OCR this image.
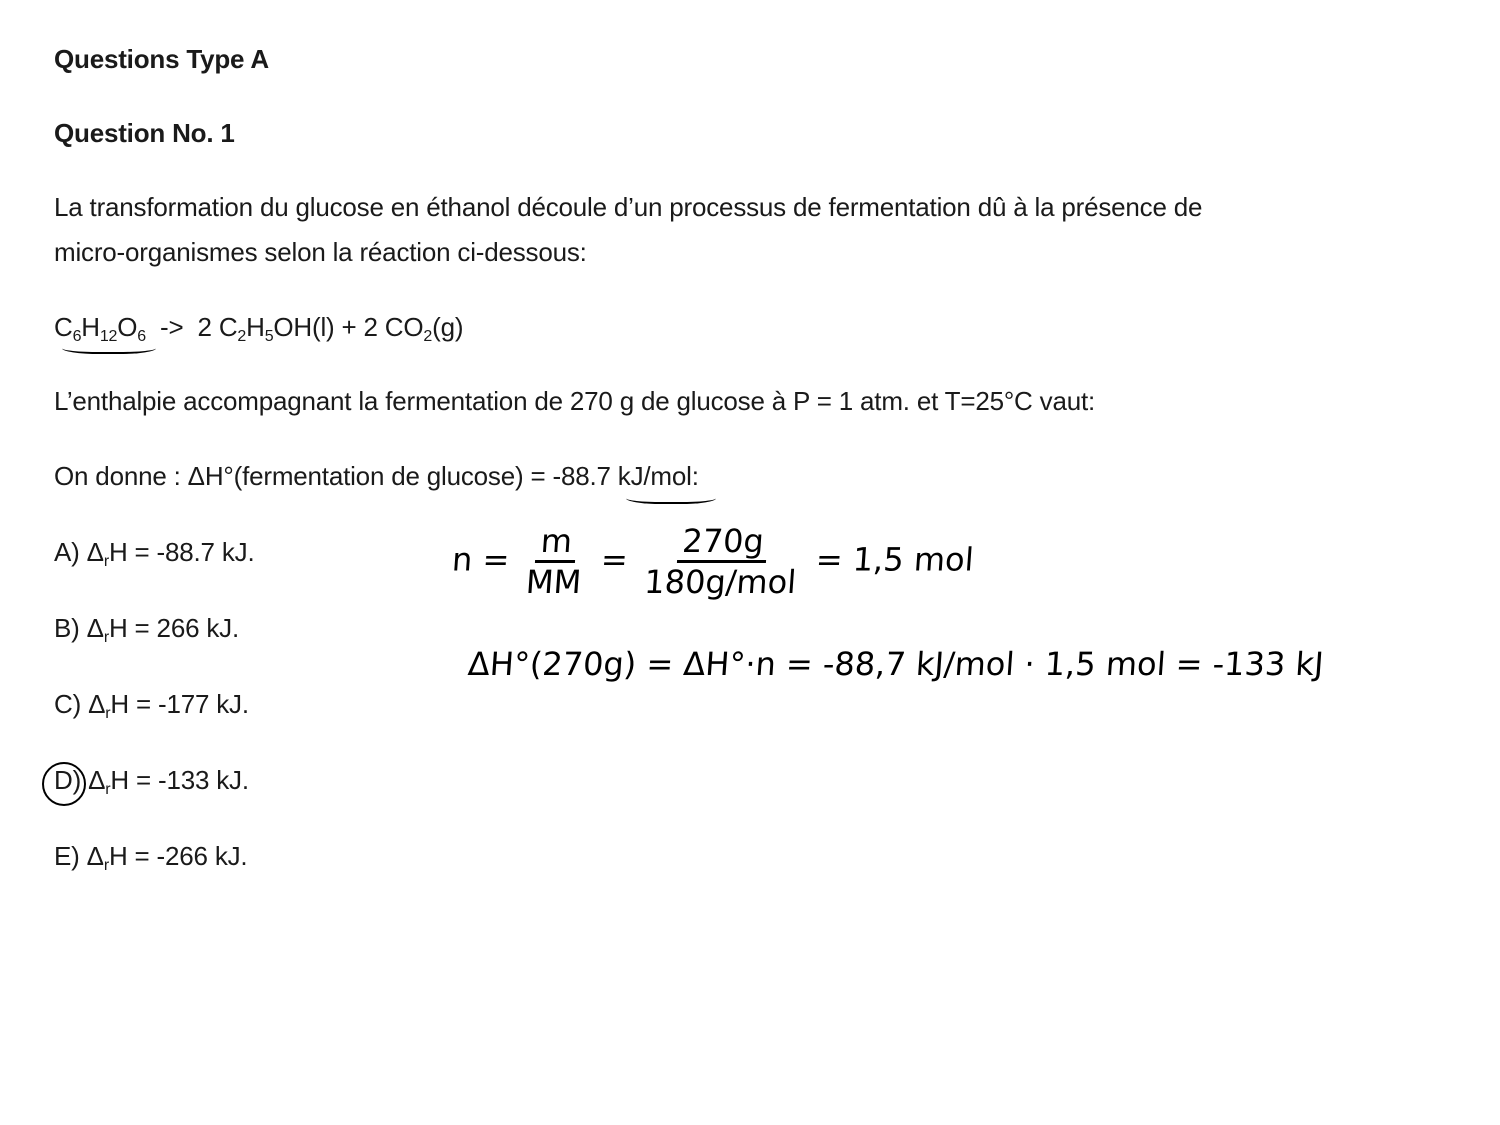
Questions Type A
Question No. 1
La transformation du glucose en éthanol découle d’un processus de fermentation dû à la présence de
micro-organismes selon la réaction ci-dessous:
$C_6H_{12}O_6 -> 2$ $C_2H_5OH(l) + 2$ $CO_2(g)$
L’enthalpie accompagnant la fermentation de 270 g de glucose à P = 1 atm. et T=25°C vaut:
On donne : ΔH°(fermentation de glucose) = -88.7 kJ/mol:
A) $\Delta_rH = -88.7$ kJ.
B) $\Delta_rH = 266$ kJ.
C) $\Delta_rH = -177$ kJ.
D) $\Delta_rH = -133$ kJ.
E) $\Delta_rH = -266$ kJ.
$n = \frac{m}{MM} = \frac{270g}{\text{180g/mol}} = 1,5$ mol
ΔH°(270g) = ΔH°·n = -88,7 kJ/mol · 1,5 mol = -133 kJ
